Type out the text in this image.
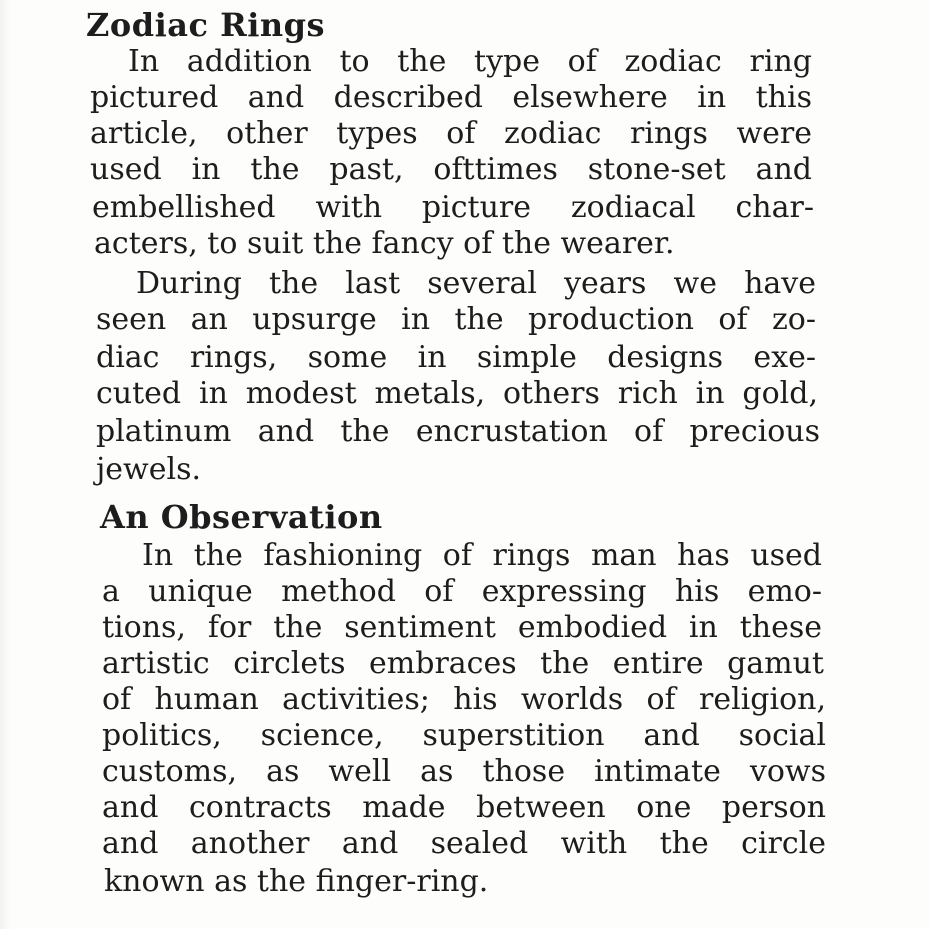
Zodiac Rings

In addition to the type of zodiac ring

pictured and described elsewhere in this

article, other types of zodiac rings were

used in the past, ofttimes stone-set and

embellished with picture zodiacal char-

acters, to suit the fancy of the wearer.

During the last several years we have

seen an upsurge in the production of zo-

diac rings, some in simple designs exe-

cuted in modest metals, others rich in gold,

platinum and the encrustation of precious

jewels.

An Observation

In the fashioning of rings man has used

a unique method of expressing his emo-

tions, for the sentiment embodied in these

artistic circlets embraces the entire gamut

of human activities; his worlds of religion,

politics, science, superstition and social

customs, as well as those intimate vows

and contracts made between one person

and another and sealed with the circle

known as the finger-ring.
